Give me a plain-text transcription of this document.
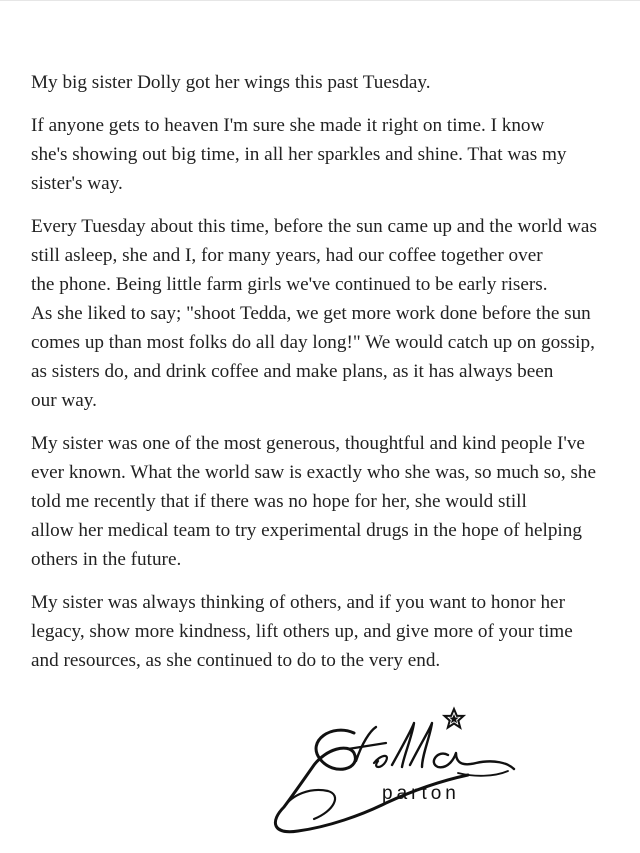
My big sister Dolly got her wings this past Tuesday.
If anyone gets to heaven I'm sure she made it right on time. I know
she's showing out big time, in all her sparkles and shine. That was my
sister's way.
Every Tuesday about this time, before the sun came up and the world was
still asleep, she and I, for many years, had our coffee together over
the phone. Being little farm girls we've continued to be early risers.
As she liked to say; "shoot Tedda, we get more work done before the sun
comes up than most folks do all day long!" We would catch up on gossip,
as sisters do, and drink coffee and make plans, as it has always been
our way.
My sister was one of the most generous, thoughtful and kind people I've
ever known. What the world saw is exactly who she was, so much so, she
told me recently that if there was no hope for her, she would still
allow her medical team to try experimental drugs in the hope of helping
others in the future.
My sister was always thinking of others, and if you want to honor her
legacy, show more kindness, lift others up, and give more of your time
and resources, as she continued to do to the very end.
parton
